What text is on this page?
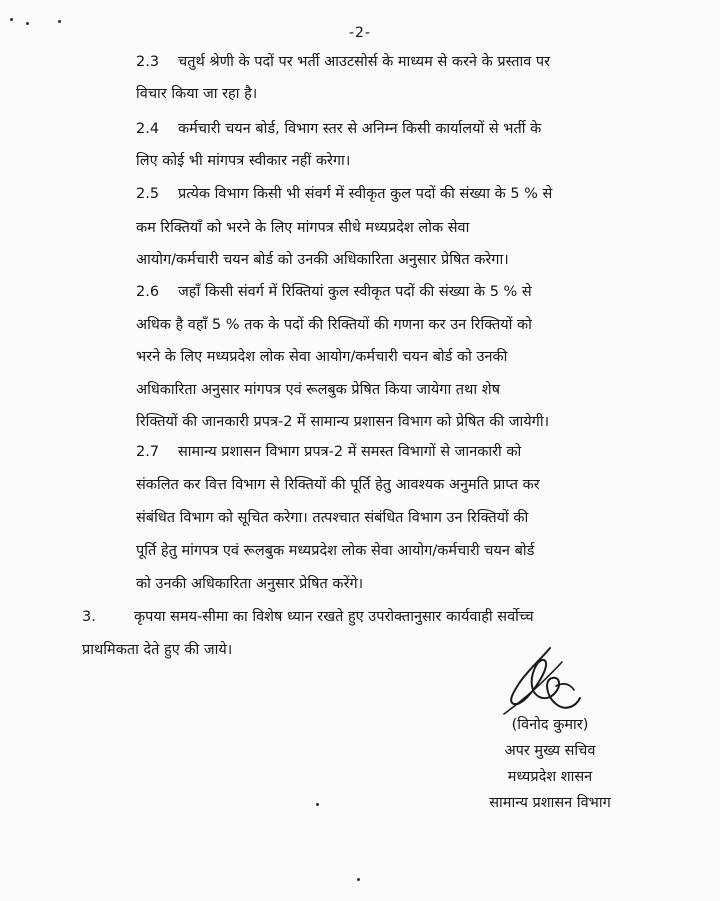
-2-
2.3	चतुर्थ श्रेणी के पदों पर भर्ती आउटसोर्स के माध्यम से करने के प्रस्ताव पर
विचार किया जा रहा है।
2.4	कर्मचारी चयन बोर्ड, विभाग स्तर से अनिम्न किसी कार्यालयों से भर्ती के
लिए कोई भी मांगपत्र स्वीकार नहीं करेगा।
2.5	प्रत्येक विभाग किसी भी संवर्ग में स्वीकृत कुल पदों की संख्या के 5 % से
कम रिक्तियाँ को भरने के लिए मांगपत्र सीधे मध्यप्रदेश लोक सेवा
आयोग/कर्मचारी चयन बोर्ड को उनकी अधिकारिता अनुसार प्रेषित करेगा।
2.6	जहाँ किसी संवर्ग में रिक्तियां कुल स्वीकृत पदों की संख्या के 5 % से
अधिक है वहाँ 5 % तक के पदों की रिक्तियों की गणना कर उन रिक्तियों को
भरने के लिए मध्यप्रदेश लोक सेवा आयोग/कर्मचारी चयन बोर्ड को उनकी
अधिकारिता अनुसार मांगपत्र एवं रूलबुक प्रेषित किया जायेगा तथा शेष
रिक्तियों की जानकारी प्रपत्र-2 में सामान्य प्रशासन विभाग को प्रेषित की जायेगी।
2.7	सामान्य प्रशासन विभाग प्रपत्र-2 में समस्त विभागों से जानकारी को
संकलित कर वित्त विभाग से रिक्तियों की पूर्ति हेतु आवश्यक अनुमति प्राप्त कर
संबंधित विभाग को सूचित करेगा। तत्पश्चात संबंधित विभाग उन रिक्तियों की
पूर्ति हेतु मांगपत्र एवं रूलबुक मध्यप्रदेश लोक सेवा आयोग/कर्मचारी चयन बोर्ड
को उनकी अधिकारिता अनुसार प्रेषित करेंगे।
3.	कृपया समय-सीमा का विशेष ध्यान रखते हुए उपरोक्तानुसार कार्यवाही सर्वोच्च
प्राथमिकता देते हुए की जाये।
(विनोद कुमार)
अपर मुख्य सचिव
मध्यप्रदेश शासन
सामान्य प्रशासन विभाग
